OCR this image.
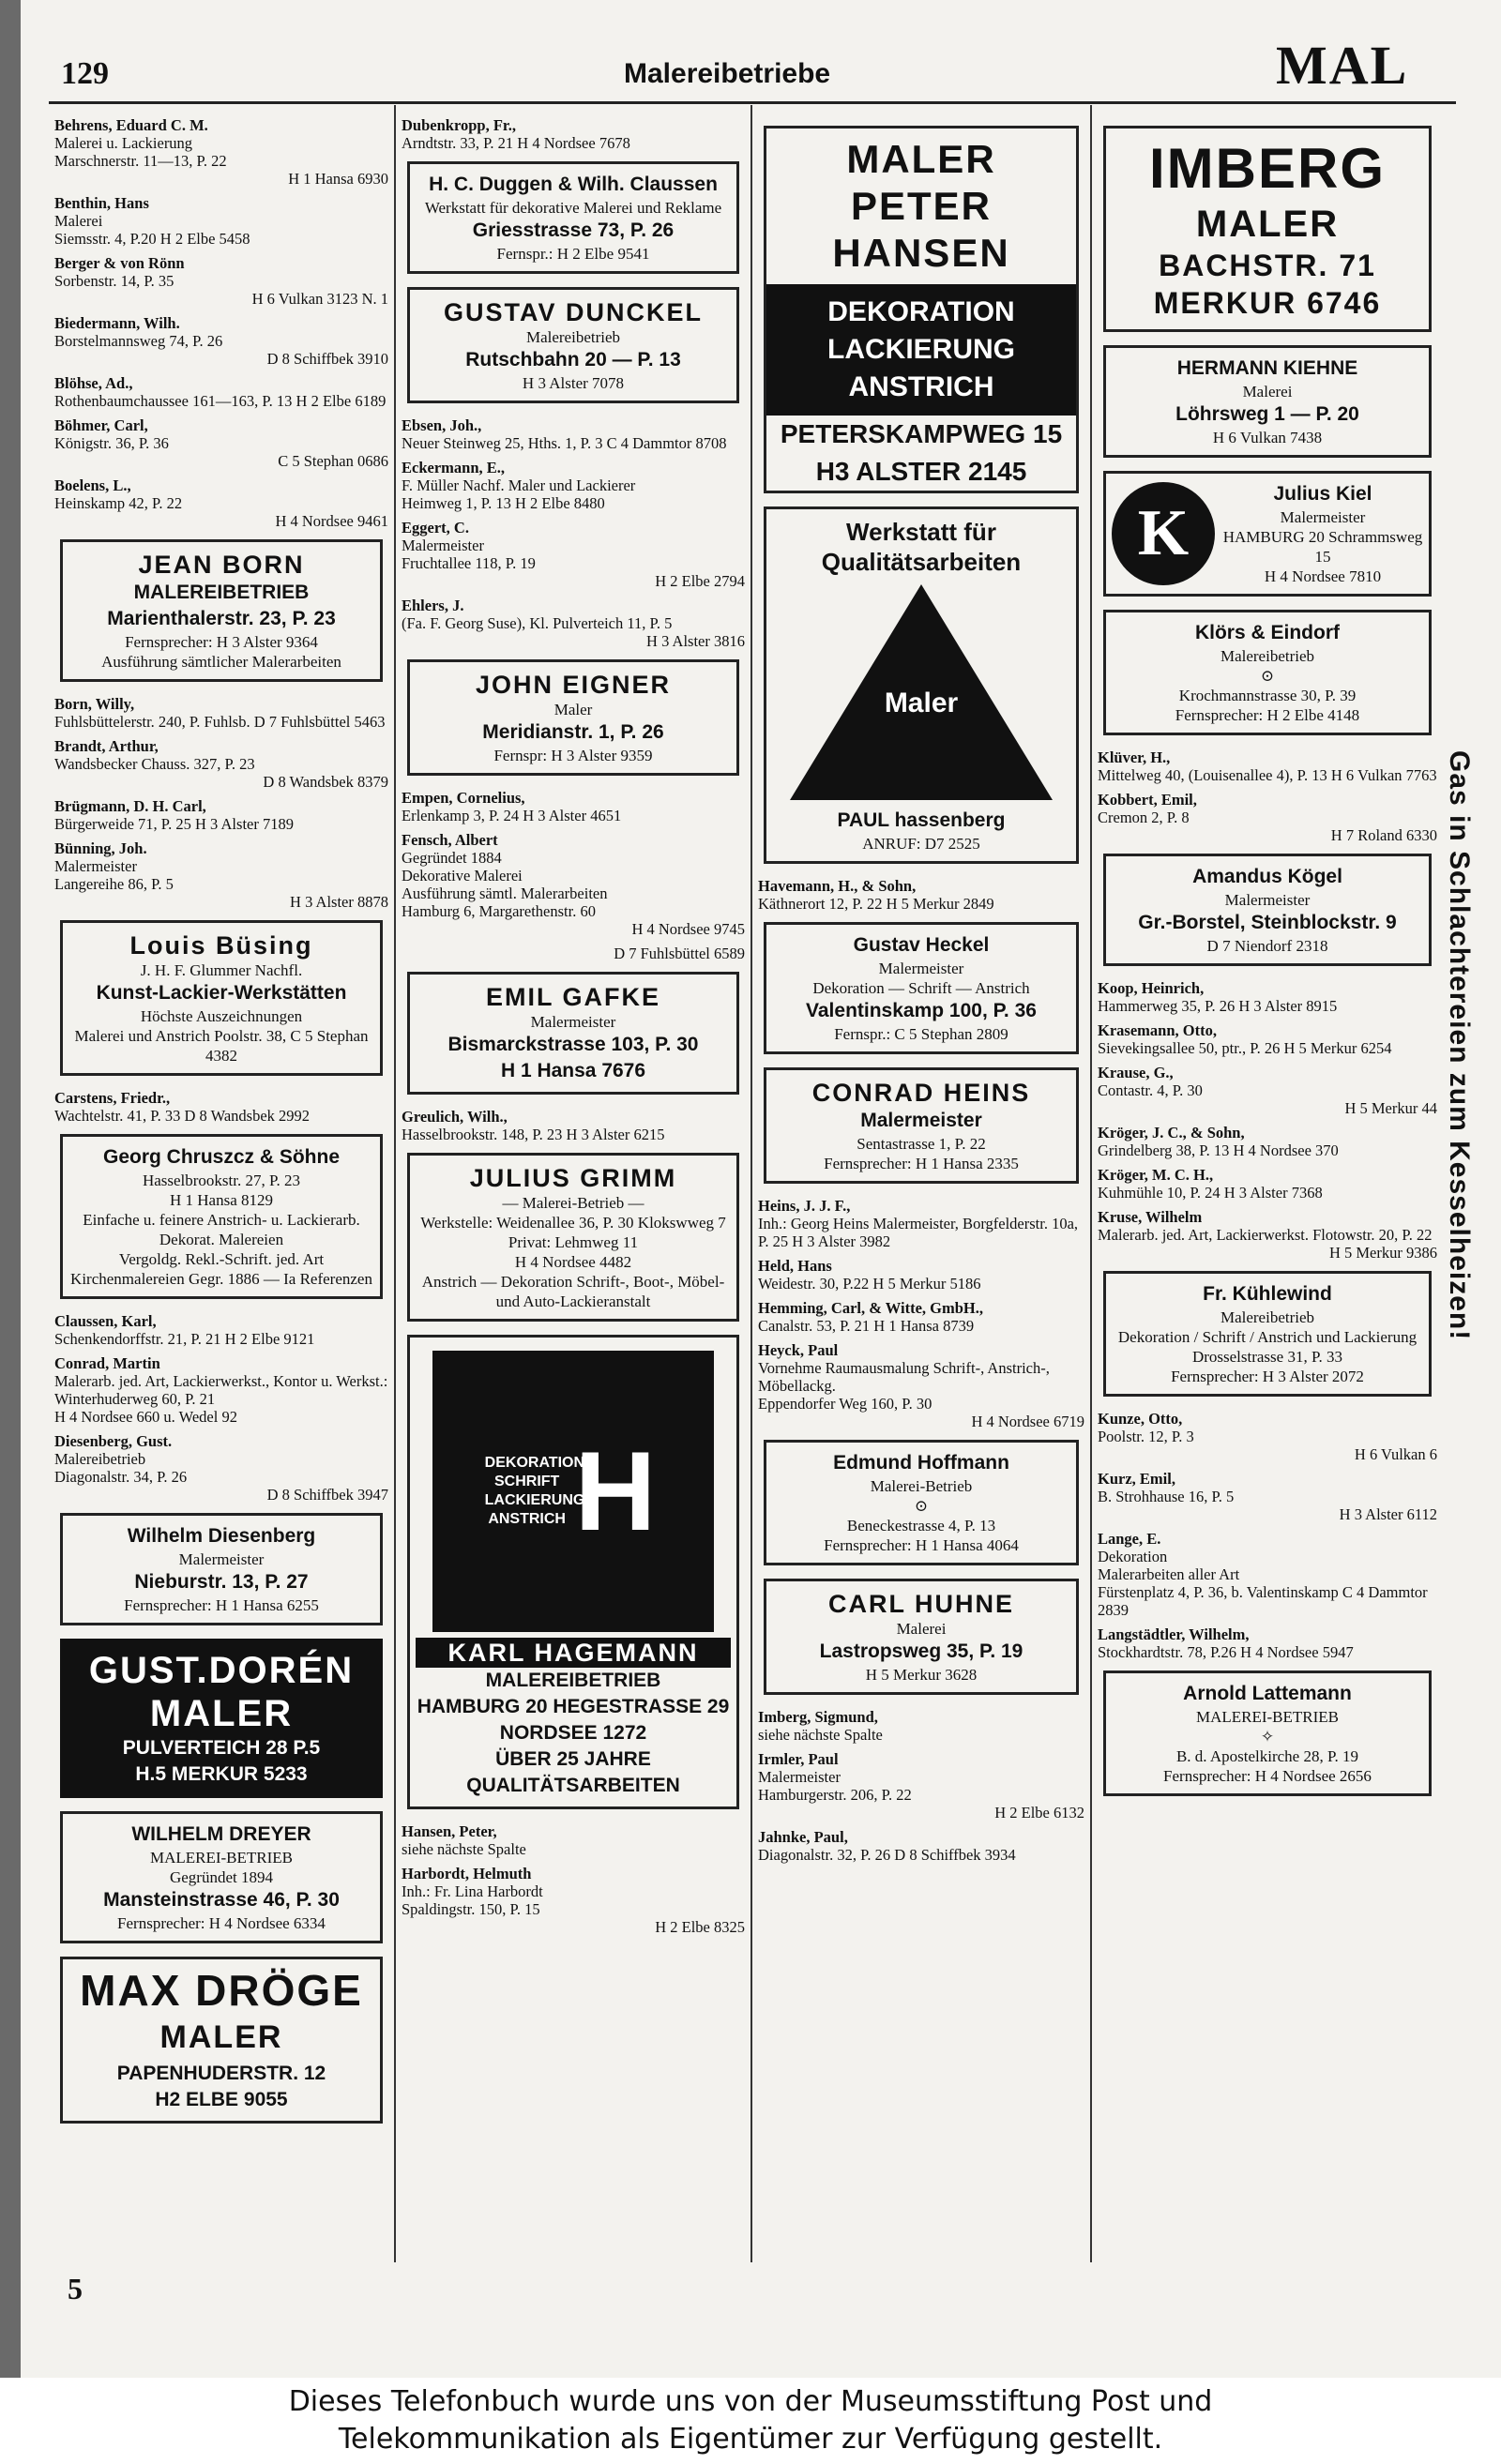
129	Malereibetriebe	MAL
Behrens, Eduard C. M.
Malerei u. Lackierung
Marschnerstr. 11—13, P. 22
H 1 Hansa 6930
Benthin, Hans
Malerei
Siemsstr. 4, P.20 H 2 Elbe 5458
Berger & von Rönn
Sorbenstr. 14, P. 35
H 6 Vulkan 3123 N. 1
Biedermann, Wilh.
Borstelmannsweg 74, P. 26
D 8 Schiffbek 3910
Blöhse, Ad.,
Rothenbaumchaussee 161—163, P. 13 H 2 Elbe 6189
Böhmer, Carl,
Königstr. 36, P. 36
C 5 Stephan 0686
Boelens, L.,
Heinskamp 42, P. 22
H 4 Nordsee 9461
JEAN BORN
MALEREIBETRIEB
Marienthalerstr. 23, P. 23
Fernsprecher: H 3 Alster 9364
Ausführung sämtlicher Malerarbeiten
Born, Willy,
Fuhlsbüttelerstr. 240, P. Fuhlsb. D 7 Fuhlsbüttel 5463
Brandt, Arthur,
Wandsbecker Chauss. 327, P. 23
D 8 Wandsbek 8379
Brügmann, D. H. Carl,
Bürgerweide 71, P. 25 H 3 Alster 7189
Bünning, Joh.
Malermeister
Langereihe 86, P. 5
H 3 Alster 8878
Louis Büsing
J. H. F. Glummer Nachfl.
Kunst-Lackier-Werkstätten
Höchste Auszeichnungen
Malerei und Anstrich Poolstr. 38, C 5 Stephan 4382
Carstens, Friedr.,
Wachtelstr. 41, P. 33 D 8 Wandsbek 2992
Georg Chruszcz & Söhne
Hasselbrookstr. 27, P. 23
H 1 Hansa 8129
Einfache u. feinere Anstrich- u. Lackierarb. Dekorat. Malereien
Vergoldg. Rekl.-Schrift. jed. Art Kirchenmalereien Gegr. 1886 — Ia Referenzen
Claussen, Karl,
Schenkendorffstr. 21, P. 21 H 2 Elbe 9121
Conrad, Martin
Malerarb. jed. Art, Lackierwerkst., Kontor u. Werkst.: Winterhuderweg 60, P. 21
H 4 Nordsee 660 u. Wedel 92
Diesenberg, Gust.
Malereibetrieb
Diagonalstr. 34, P. 26
D 8 Schiffbek 3947
Wilhelm Diesenberg
Malermeister
Nieburstr. 13, P. 27
Fernsprecher: H 1 Hansa 6255
GUST.DORÉN MALER
PULVERTEICH 28 P.5
H.5 MERKUR 5233
WILHELM DREYER
MALEREI-BETRIEB
Gegründet 1894
Mansteinstrasse 46, P. 30
Fernsprecher: H 4 Nordsee 6334
MAX DRÖGE
MALER
PAPENHUDERSTR. 12
H2 ELBE 9055
Dubenkropp, Fr.,
Arndtstr. 33, P. 21 H 4 Nordsee 7678
H. C. Duggen & Wilh. Claussen
Werkstatt für dekorative Malerei und Reklame
Griesstrasse 73, P. 26
Fernspr.: H 2 Elbe 9541
GUSTAV DUNCKEL
Malereibetrieb
Rutschbahn 20 — P. 13
H 3 Alster 7078
Ebsen, Joh.,
Neuer Steinweg 25, Hths. 1, P. 3 C 4 Dammtor 8708
Eckermann, E.,
F. Müller Nachf. Maler und Lackierer
Heimweg 1, P. 13 H 2 Elbe 8480
Eggert, C.
Malermeister
Fruchtallee 118, P. 19
H 2 Elbe 2794
Ehlers, J.
(Fa. F. Georg Suse), Kl. Pulverteich 11, P. 5
H 3 Alster 3816
JOHN EIGNER
Maler
Meridianstr. 1, P. 26
Fernspr: H 3 Alster 9359
Empen, Cornelius,
Erlenkamp 3, P. 24 H 3 Alster 4651
Fensch, Albert
Gegründet 1884
Dekorative Malerei
Ausführung sämtl. Malerarbeiten
Hamburg 6, Margarethenstr. 60
H 4 Nordsee 9745
D 7 Fuhlsbüttel 6589
EMIL GAFKE
Malermeister
Bismarckstrasse 103, P. 30
H 1 Hansa 7676
Greulich, Wilh.,
Hasselbrookstr. 148, P. 23 H 3 Alster 6215
JULIUS GRIMM
— Malerei-Betrieb —
Werkstelle: Weidenallee 36, P. 30 Klokswweg 7 Privat: Lehmweg 11
H 4 Nordsee 4482
Anstrich — Dekoration Schrift-, Boot-, Möbel- und Auto-Lackieranstalt
DEKORATION SCHRIFT LACKIERUNG ANSTRICH H
KARL HAGEMANN
MALEREIBETRIEB
HAMBURG 20 HEGESTRASSE 29
NORDSEE 1272
ÜBER 25 JAHRE QUALITÄTSARBEITEN
Hansen, Peter,
siehe nächste Spalte
Harbordt, Helmuth
Inh.: Fr. Lina Harbordt
Spaldingstr. 150, P. 15
H 2 Elbe 8325
MALER PETER HANSEN
DEKORATION LACKIERUNG ANSTRICH
PETERSKAMPWEG 15
H3 ALSTER 2145
Werkstatt für Qualitätsarbeiten
Maler
PAUL hassenberg
ANRUF: D7 2525
Havemann, H., & Sohn,
Käthnerort 12, P. 22 H 5 Merkur 2849
Gustav Heckel
Malermeister
Dekoration — Schrift — Anstrich
Valentinskamp 100, P. 36
Fernspr.: C 5 Stephan 2809
CONRAD HEINS
Malermeister
Sentastrasse 1, P. 22
Fernsprecher: H 1 Hansa 2335
Heins, J. J. F.,
Inh.: Georg Heins Malermeister, Borgfelderstr. 10a, P. 25 H 3 Alster 3982
Held, Hans
Weidestr. 30, P.22 H 5 Merkur 5186
Hemming, Carl, & Witte, GmbH.,
Canalstr. 53, P. 21 H 1 Hansa 8739
Heyck, Paul
Vornehme Raumausmalung Schrift-, Anstrich-, Möbellackg.
Eppendorfer Weg 160, P. 30
H 4 Nordsee 6719
Edmund Hoffmann
Malerei-Betrieb
⊙
Beneckestrasse 4, P. 13
Fernsprecher: H 1 Hansa 4064
CARL HUHNE
Malerei
Lastropsweg 35, P. 19
H 5 Merkur 3628
Imberg, Sigmund,
siehe nächste Spalte
Irmler, Paul
Malermeister
Hamburgerstr. 206, P. 22
H 2 Elbe 6132
Jahnke, Paul,
Diagonalstr. 32, P. 26 D 8 Schiffbek 3934
IMBERG
MALER
BACHSTR. 71
MERKUR 6746
HERMANN KIEHNE
Malerei
Löhrsweg 1 — P. 20
H 6 Vulkan 7438
K
Julius Kiel
Malermeister
HAMBURG 20 Schrammsweg 15
H 4 Nordsee 7810
Klörs & Eindorf
Malereibetrieb
⊙
Krochmannstrasse 30, P. 39
Fernsprecher: H 2 Elbe 4148
Klüver, H.,
Mittelweg 40, (Louisenallee 4), P. 13 H 6 Vulkan 7763
Kobbert, Emil,
Cremon 2, P. 8
H 7 Roland 6330
Amandus Kögel
Malermeister
Gr.-Borstel, Steinblockstr. 9
D 7 Niendorf 2318
Koop, Heinrich,
Hammerweg 35, P. 26 H 3 Alster 8915
Krasemann, Otto,
Sievekingsallee 50, ptr., P. 26 H 5 Merkur 6254
Krause, G.,
Contastr. 4, P. 30
H 5 Merkur 44
Kröger, J. C., & Sohn,
Grindelberg 38, P. 13 H 4 Nordsee 370
Kröger, M. C. H.,
Kuhmühle 10, P. 24 H 3 Alster 7368
Kruse, Wilhelm
Malerarb. jed. Art, Lackierwerkst. Flotowstr. 20, P. 22
H 5 Merkur 9386
Fr. Kühlewind
Malereibetrieb
Dekoration / Schrift / Anstrich und Lackierung
Drosselstrasse 31, P. 33
Fernsprecher: H 3 Alster 2072
Kunze, Otto,
Poolstr. 12, P. 3
H 6 Vulkan 6
Kurz, Emil,
B. Strohhause 16, P. 5
H 3 Alster 6112
Lange, E.
Dekoration
Malerarbeiten aller Art
Fürstenplatz 4, P. 36, b. Valentinskamp C 4 Dammtor 2839
Langstädtler, Wilhelm,
Stockhardtstr. 78, P.26 H 4 Nordsee 5947
Arnold Lattemann
MALEREI-BETRIEB
✧
B. d. Apostelkirche 28, P. 19
Fernsprecher: H 4 Nordsee 2656
Gas in Schlachtereien zum Kesselheizen!
5
Dieses Telefonbuch wurde uns von der Museumsstiftung Post und
Telekommunikation als Eigentümer zur Verfügung gestellt.
